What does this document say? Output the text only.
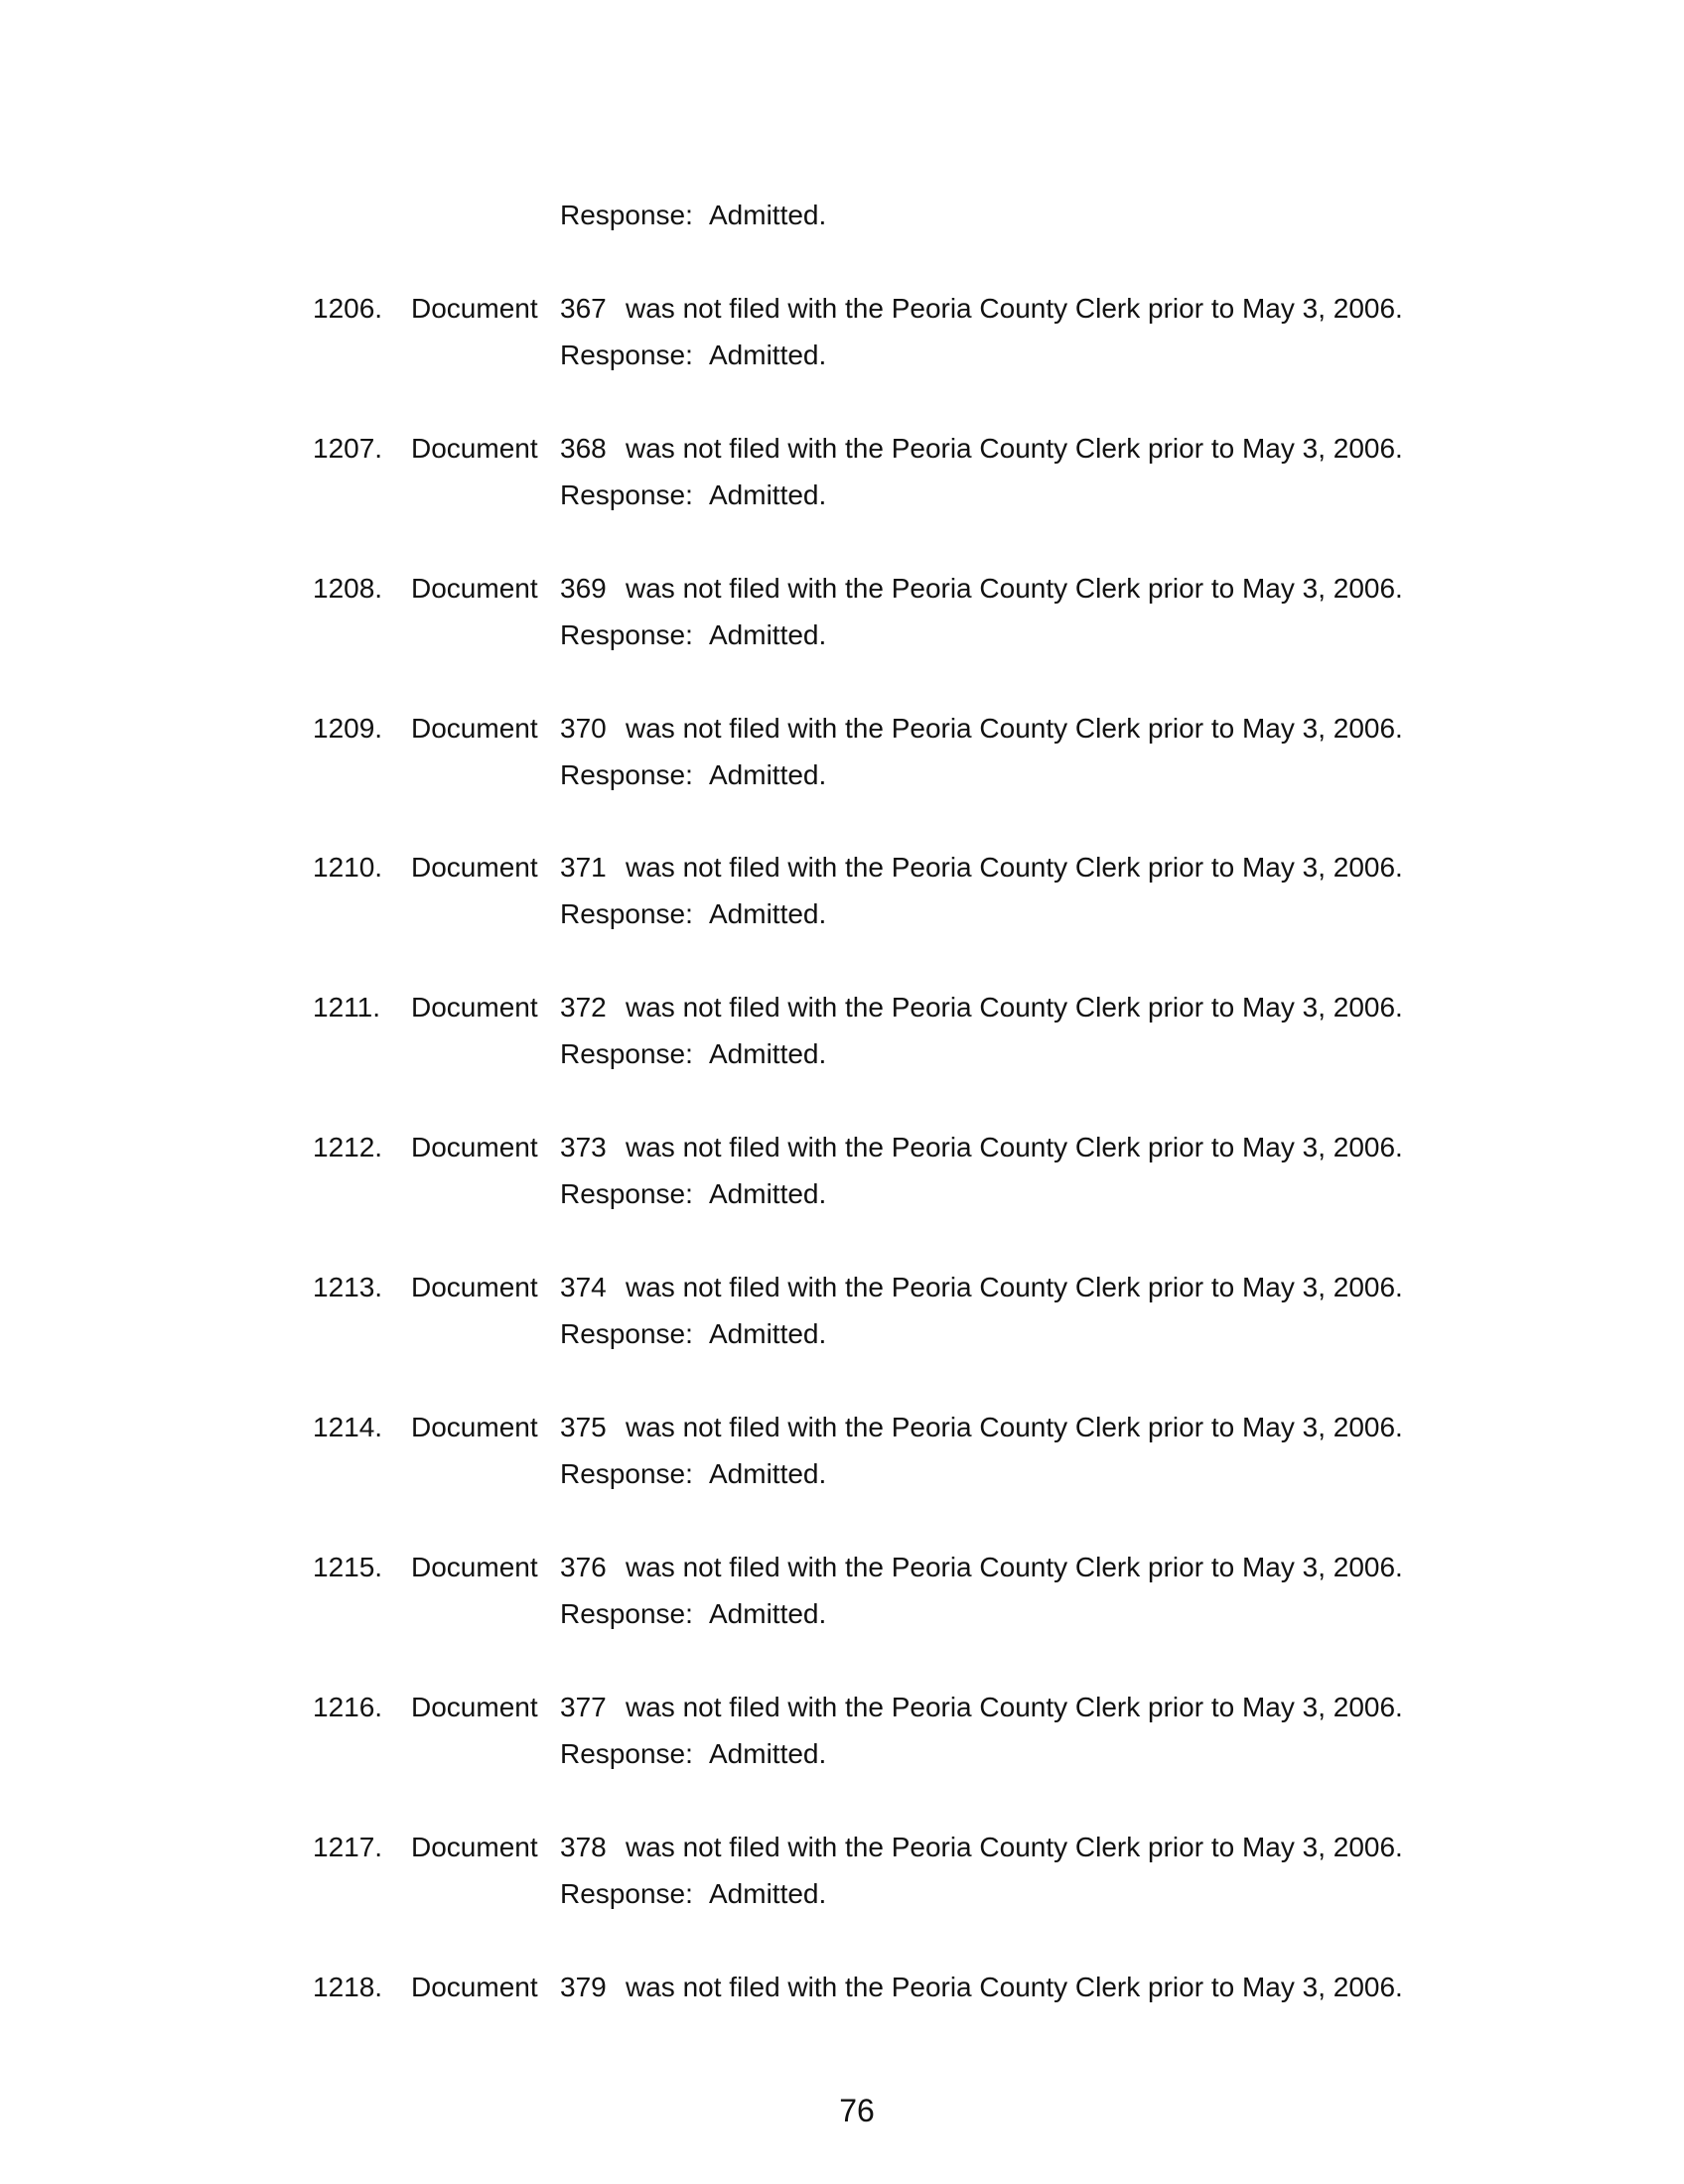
Response: Admitted.
1206. Document 367 was not filed with the Peoria County Clerk prior to May 3, 2006.
Response: Admitted.
1207. Document 368 was not filed with the Peoria County Clerk prior to May 3, 2006.
Response: Admitted.
1208. Document 369 was not filed with the Peoria County Clerk prior to May 3, 2006.
Response: Admitted.
1209. Document 370 was not filed with the Peoria County Clerk prior to May 3, 2006.
Response: Admitted.
1210. Document 371 was not filed with the Peoria County Clerk prior to May 3, 2006.
Response: Admitted.
1211. Document 372 was not filed with the Peoria County Clerk prior to May 3, 2006.
Response: Admitted.
1212. Document 373 was not filed with the Peoria County Clerk prior to May 3, 2006.
Response: Admitted.
1213. Document 374 was not filed with the Peoria County Clerk prior to May 3, 2006.
Response: Admitted.
1214. Document 375 was not filed with the Peoria County Clerk prior to May 3, 2006.
Response: Admitted.
1215. Document 376 was not filed with the Peoria County Clerk prior to May 3, 2006.
Response: Admitted.
1216. Document 377 was not filed with the Peoria County Clerk prior to May 3, 2006.
Response: Admitted.
1217. Document 378 was not filed with the Peoria County Clerk prior to May 3, 2006.
Response: Admitted.
1218. Document 379 was not filed with the Peoria County Clerk prior to May 3, 2006.
76
